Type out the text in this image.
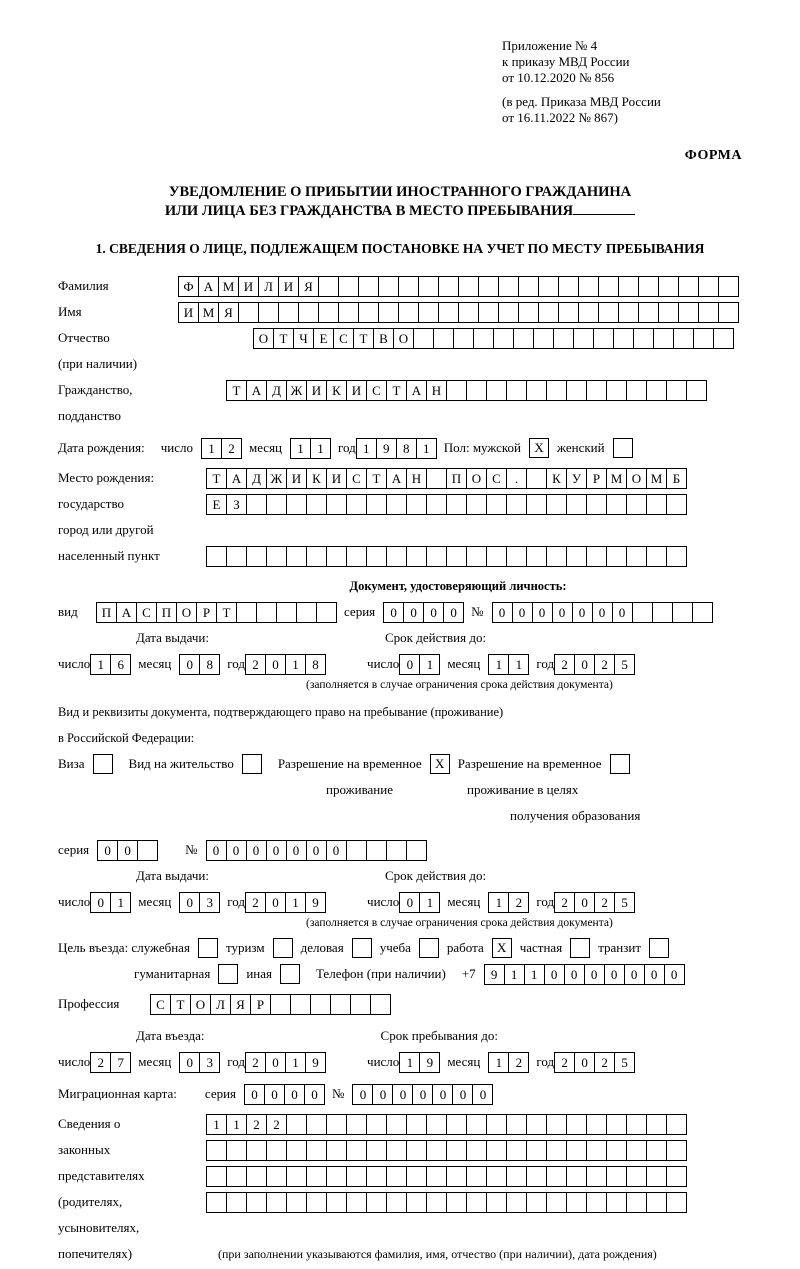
Приложение № 4
к приказу МВД России
от 10.12.2020 № 856
(в ред. Приказа МВД России
от 16.11.2022 № 867)
ФОРМА
УВЕДОМЛЕНИЕ О ПРИБЫТИИ ИНОСТРАННОГО ГРАЖДАНИНА
ИЛИ ЛИЦА БЕЗ ГРАЖДАНСТВА В МЕСТО ПРЕБЫВАНИЯ
1. СВЕДЕНИЯ О ЛИЦЕ, ПОДЛЕЖАЩЕМ ПОСТАНОВКЕ НА УЧЕТ ПО МЕСТУ ПРЕБЫВАНИЯ
Фамилия	Ф А М И Л И Я
Имя	И М Я
Отчество	О Т Ч Е С Т В О
(при наличии)
Гражданство,	Т А Д Ж И К И С Т А Н
подданство
Дата рождения: число	1	2	месяц	1	1	год 1	9	8	1	Пол: мужской	Х	женский
Место рождения:	Т А Д Ж И К И С Т А Н	П О С	.	К У Р М О М Б
государство	Е З
город или другой
населенный пункт
Документ, удостоверяющий личность:
вид	П А С П О Р Т	серия	0	0	0	0	№	0	0	0	0	0	0	0
Дата выдачи:	Срок действия до:
число 1	6	месяц	0	8	год 2	0	1	8	число 0	1	месяц	1	1	год 2	0	2	5
(заполняется в случае ограничения срока действия документа)
Вид и реквизиты документа, подтверждающего право на пребывание (проживание)
в Российской Федерации:
Виза	Вид на жительство	Разрешение на временное	Х	Разрешение на временное
проживание	проживание в целях
получения образования
серия	0	0	№	0	0	0	0	0	0	0
Дата выдачи:	Срок действия до:
число 0	1	месяц	0	3	год 2	0	1	9	число 0	1	месяц	1	2	год 2	0	2	5
(заполняется в случае ограничения срока действия документа)
Цель въезда: служебная	туризм	деловая	учеба	работа	Х	частная	транзит
гуманитарная	иная	Телефон (при наличии) +7	9	1	1	0	0	0	0	0	0	0
Профессия	С Т О Л Я Р
Дата въезда:	Срок пребывания до:
число 2	7	месяц	0	3	год 2	0	1	9	число 1	9	месяц	1	2	год 2	0	2	5
Миграционная карта: серия	0	0	0	0	№	0	0	0	0	0	0	0
Сведения о	1	1	2	2
законных
представителях
(родителях,
усыновителях,
попечителях)	(при заполнении указываются фамилия, имя, отчество (при наличии), дата рождения)
